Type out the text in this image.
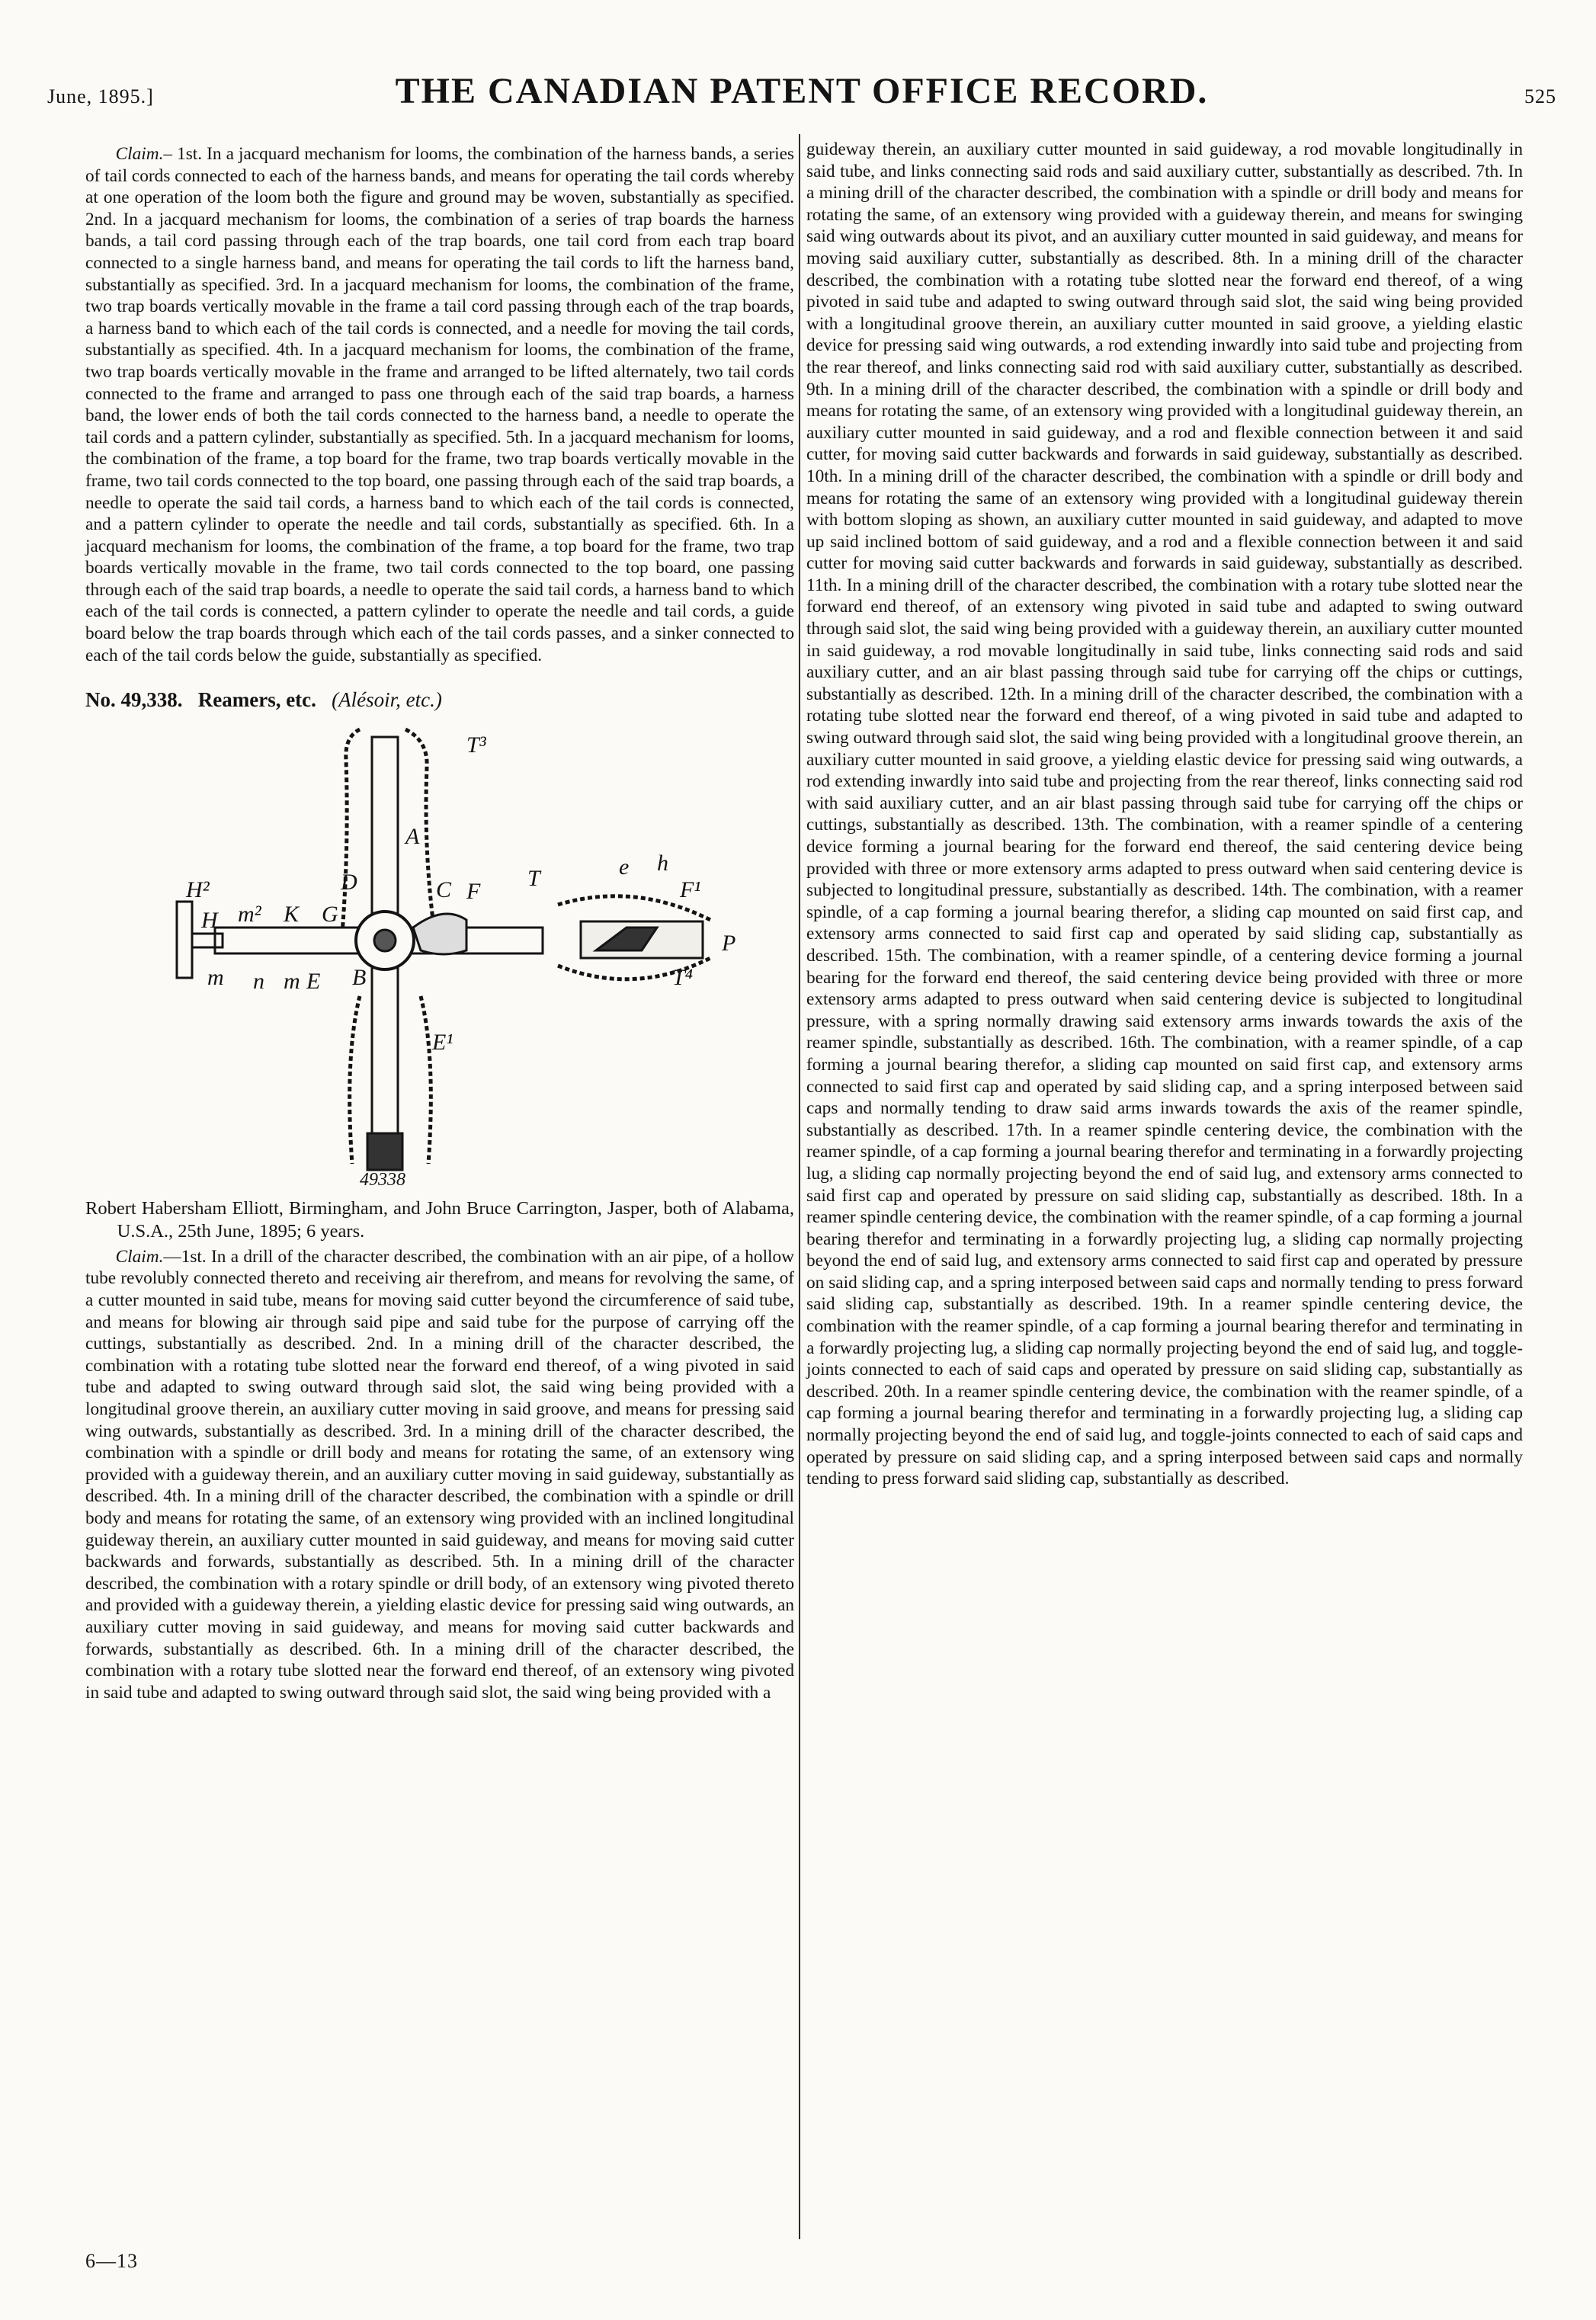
June, 1895.]	THE CANADIAN PATENT OFFICE RECORD.	525

Claim.– 1st. In a jacquard mechanism for looms, the combination of the harness bands, a series of tail cords connected to each of the harness bands, and means for operating the tail cords whereby at one operation of the loom both the figure and ground may be woven, substantially as specified. 2nd. In a jacquard mechanism for looms, the combination of a series of trap boards the harness bands, a tail cord passing through each of the trap boards, one tail cord from each trap board connected to a single harness band, and means for operating the tail cords to lift the harness band, substantially as specified. 3rd. In a jacquard mechanism for looms, the combination of the frame, two trap boards vertically movable in the frame a tail cord passing through each of the trap boards, a harness band to which each of the tail cords is connected, and a needle for moving the tail cords, substantially as specified. 4th. In a jacquard mechanism for looms, the combination of the frame, two trap boards vertically movable in the frame and arranged to be lifted alternately, two tail cords connected to the frame and arranged to pass one through each of the said trap boards, a harness band, the lower ends of both the tail cords connected to the harness band, a needle to operate the tail cords and a pattern cylinder, substantially as specified. 5th. In a jacquard mechanism for looms, the combination of the frame, a top board for the frame, two trap boards vertically movable in the frame, two tail cords connected to the top board, one passing through each of the said trap boards, a needle to operate the said tail cords, a harness band to which each of the tail cords is connected, and a pattern cylinder to operate the needle and tail cords, substantially as specified. 6th. In a jacquard mechanism for looms, the combination of the frame, a top board for the frame, two trap boards vertically movable in the frame, two tail cords connected to the top board, one passing through each of the said trap boards, a needle to operate the said tail cords, a harness band to which each of the tail cords is connected, a pattern cylinder to operate the needle and tail cords, a guide board below the trap boards through which each of the tail cords passes, and a sinker connected to each of the tail cords below the guide, substantially as specified.

No. 49,338. Reamers, etc. (Alésoir, etc.)

H²
H m² K G
D
A
C F
T
T³
e h
F¹
P
T⁴
m n m E B
E¹
49338

Robert Habersham Elliott, Birmingham, and John Bruce Carrington, Jasper, both of Alabama, U.S.A., 25th June, 1895; 6 years.

Claim.—1st. In a drill of the character described, the combination with an air pipe, of a hollow tube revolubly connected thereto and receiving air therefrom, and means for revolving the same, of a cutter mounted in said tube, means for moving said cutter beyond the circumference of said tube, and means for blowing air through said pipe and said tube for the purpose of carrying off the cuttings, substantially as described. 2nd. In a mining drill of the character described, the combination with a rotating tube slotted near the forward end thereof, of a wing pivoted in said tube and adapted to swing outward through said slot, the said wing being provided with a longitudinal groove therein, an auxiliary cutter moving in said groove, and means for pressing said wing outwards, substantially as described. 3rd. In a mining drill of the character described, the combination with a spindle or drill body and means for rotating the same, of an extensory wing provided with a guideway therein, and an auxiliary cutter moving in said guideway, substantially as described. 4th. In a mining drill of the character described, the combination with a spindle or drill body and means for rotating the same, of an extensory wing provided with an inclined longitudinal guideway therein, an auxiliary cutter mounted in said guideway, and means for moving said cutter backwards and forwards, substantially as described. 5th. In a mining drill of the character described, the combination with a rotary spindle or drill body, of an extensory wing pivoted thereto and provided with a guideway therein, a yielding elastic device for pressing said wing outwards, an auxiliary cutter moving in said guideway, and means for moving said cutter backwards and forwards, substantially as described. 6th. In a mining drill of the character described, the combination with a rotary tube slotted near the forward end thereof, of an extensory wing pivoted in said tube and adapted to swing outward through said slot, the said wing being provided with a

guideway therein, an auxiliary cutter mounted in said guideway, a rod movable longitudinally in said tube, and links connecting said rods and said auxiliary cutter, substantially as described. 7th. In a mining drill of the character described, the combination with a spindle or drill body and means for rotating the same, of an extensory wing provided with a guideway therein, and means for swinging said wing outwards about its pivot, and an auxiliary cutter mounted in said guideway, and means for moving said auxiliary cutter, substantially as described. 8th. In a mining drill of the character described, the combination with a rotating tube slotted near the forward end thereof, of a wing pivoted in said tube and adapted to swing outward through said slot, the said wing being provided with a longitudinal groove therein, an auxiliary cutter mounted in said groove, a yielding elastic device for pressing said wing outwards, a rod extending inwardly into said tube and projecting from the rear thereof, and links connecting said rod with said auxiliary cutter, substantially as described. 9th. In a mining drill of the character described, the combination with a spindle or drill body and means for rotating the same, of an extensory wing provided with a longitudinal guideway therein, an auxiliary cutter mounted in said guideway, and a rod and flexible connection between it and said cutter, for moving said cutter backwards and forwards in said guideway, substantially as described. 10th. In a mining drill of the character described, the combination with a spindle or drill body and means for rotating the same of an extensory wing provided with a longitudinal guideway therein with bottom sloping as shown, an auxiliary cutter mounted in said guideway, and adapted to move up said inclined bottom of said guideway, and a rod and a flexible connection between it and said cutter for moving said cutter backwards and forwards in said guideway, substantially as described. 11th. In a mining drill of the character described, the combination with a rotary tube slotted near the forward end thereof, of an extensory wing pivoted in said tube and adapted to swing outward through said slot, the said wing being provided with a guideway therein, an auxiliary cutter mounted in said guideway, a rod movable longitudinally in said tube, links connecting said rods and said auxiliary cutter, and an air blast passing through said tube for carrying off the chips or cuttings, substantially as described. 12th. In a mining drill of the character described, the combination with a rotating tube slotted near the forward end thereof, of a wing pivoted in said tube and adapted to swing outward through said slot, the said wing being provided with a longitudinal groove therein, an auxiliary cutter mounted in said groove, a yielding elastic device for pressing said wing outwards, a rod extending inwardly into said tube and projecting from the rear thereof, links connecting said rod with said auxiliary cutter, and an air blast passing through said tube for carrying off the chips or cuttings, substantially as described. 13th. The combination, with a reamer spindle of a centering device forming a journal bearing for the forward end thereof, the said centering device being provided with three or more extensory arms adapted to press outward when said centering device is subjected to longitudinal pressure, substantially as described. 14th. The combination, with a reamer spindle, of a cap forming a journal bearing therefor, a sliding cap mounted on said first cap, and extensory arms connected to said first cap and operated by said sliding cap, substantially as described. 15th. The combination, with a reamer spindle, of a centering device forming a journal bearing for the forward end thereof, the said centering device being provided with three or more extensory arms adapted to press outward when said centering device is subjected to longitudinal pressure, with a spring normally drawing said extensory arms inwards towards the axis of the reamer spindle, substantially as described. 16th. The combination, with a reamer spindle, of a cap forming a journal bearing therefor, a sliding cap mounted on said first cap, and extensory arms connected to said first cap and operated by said sliding cap, and a spring interposed between said caps and normally tending to draw said arms inwards towards the axis of the reamer spindle, substantially as described. 17th. In a reamer spindle centering device, the combination with the reamer spindle, of a cap forming a journal bearing therefor and terminating in a forwardly projecting lug, a sliding cap normally projecting beyond the end of said lug, and extensory arms connected to said first cap and operated by pressure on said sliding cap, substantially as described. 18th. In a reamer spindle centering device, the combination with the reamer spindle, of a cap forming a journal bearing therefor and terminating in a forwardly projecting lug, a sliding cap normally projecting beyond the end of said lug, and extensory arms connected to said first cap and operated by pressure on said sliding cap, and a spring interposed between said caps and normally tending to press forward said sliding cap, substantially as described. 19th. In a reamer spindle centering device, the combination with the reamer spindle, of a cap forming a journal bearing therefor and terminating in a forwardly projecting lug, a sliding cap normally projecting beyond the end of said lug, and toggle-joints connected to each of said caps and operated by pressure on said sliding cap, substantially as described. 20th. In a reamer spindle centering device, the combination with the reamer spindle, of a cap forming a journal bearing therefor and terminating in a forwardly projecting lug, a sliding cap normally projecting beyond the end of said lug, and toggle-joints connected to each of said caps and operated by pressure on said sliding cap, and a spring interposed between said caps and normally tending to press forward said sliding cap, substantially as described.

6—13
